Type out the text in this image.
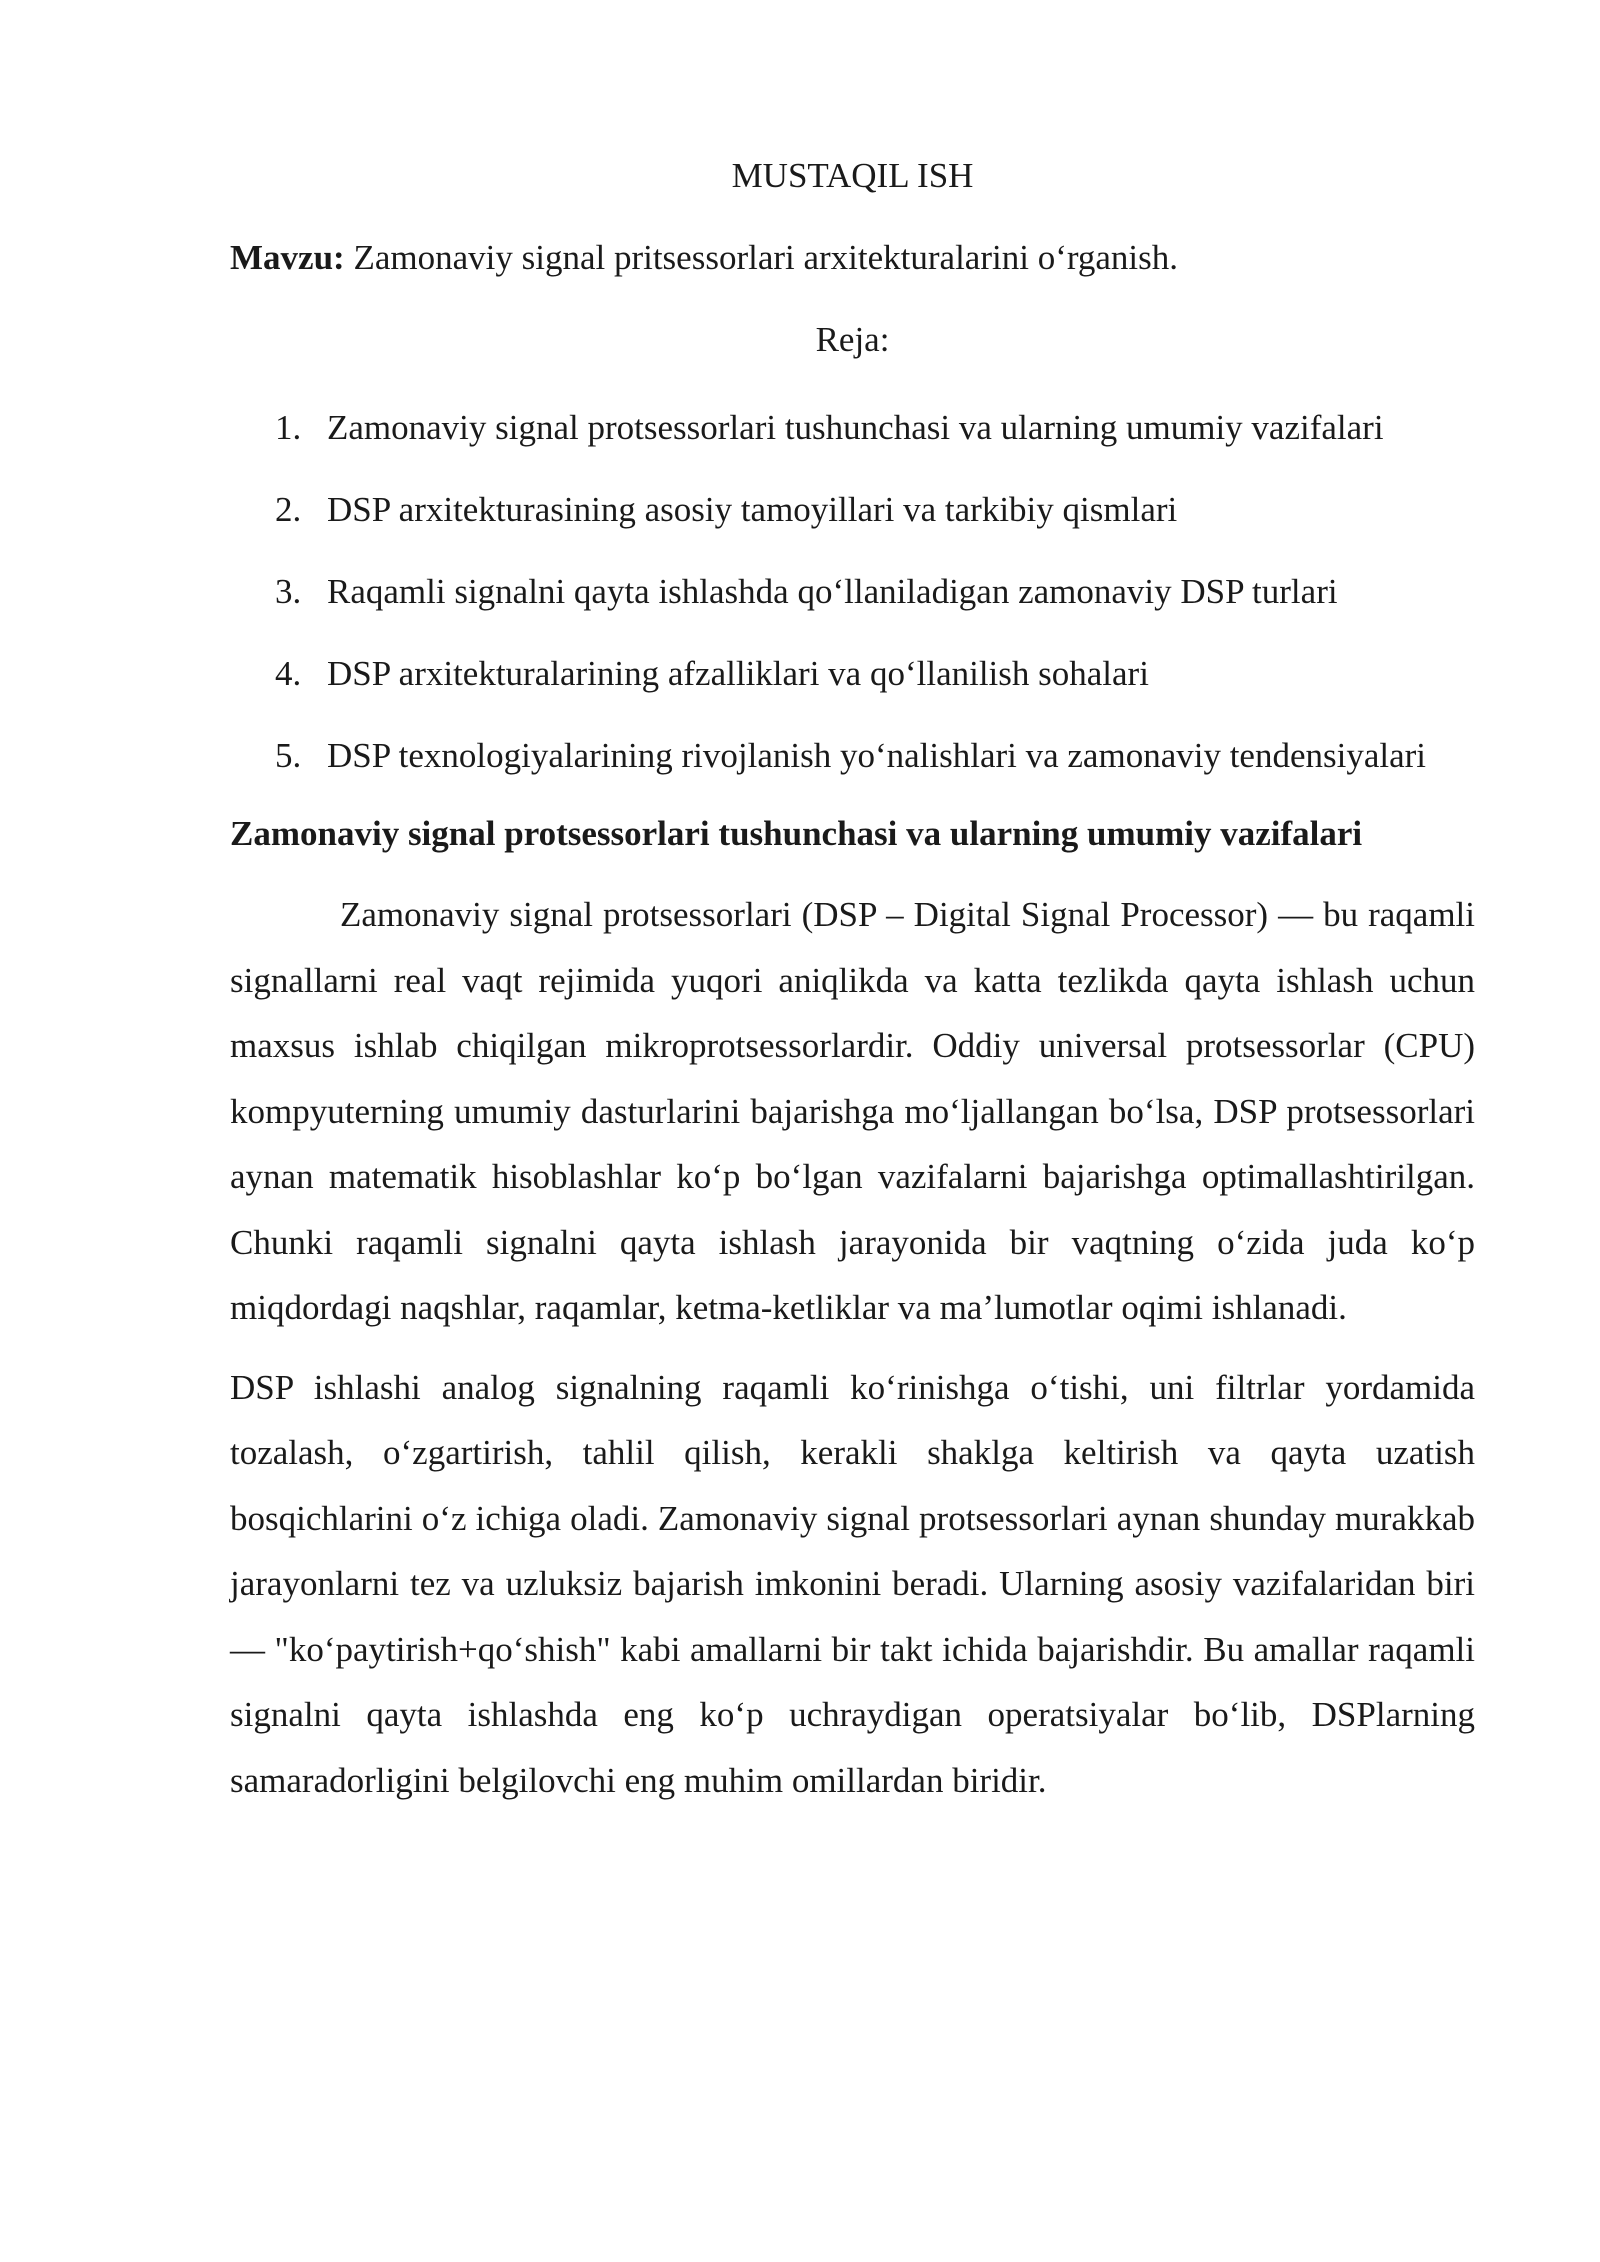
MUSTAQIL ISH

Mavzu: Zamonaviy signal pritsessorlari arxitekturalarini o‘rganish.

Reja:

1. Zamonaviy signal protsessorlari tushunchasi va ularning umumiy vazifalari
2. DSP arxitekturasining asosiy tamoyillari va tarkibiy qismlari
3. Raqamli signalni qayta ishlashda qo‘llaniladigan zamonaviy DSP turlari
4. DSP arxitekturalarining afzalliklari va qo‘llanilish sohalari
5. DSP texnologiyalarining rivojlanish yo‘nalishlari va zamonaviy tendensiyalari
Zamonaviy signal protsessorlari tushunchasi va ularning umumiy vazifalari

Zamonaviy signal protsessorlari (DSP – Digital Signal Processor) — bu raqamli signallarni real vaqt rejimida yuqori aniqlikda va katta tezlikda qayta ishlash uchun maxsus ishlab chiqilgan mikroprotsessorlardir. Oddiy universal protsessorlar (CPU) kompyuterning umumiy dasturlarini bajarishga mo‘ljallangan bo‘lsa, DSP protsessorlari aynan matematik hisoblashlar ko‘p bo‘lgan vazifalarni bajarishga optimallashtirilgan. Chunki raqamli signalni qayta ishlash jarayonida bir vaqtning o‘zida juda ko‘p miqdordagi naqshlar, raqamlar, ketma-ketliklar va ma’lumotlar oqimi ishlanadi.

DSP ishlashi analog signalning raqamli ko‘rinishga o‘tishi, uni filtrlar yordamida tozalash, o‘zgartirish, tahlil qilish, kerakli shaklga keltirish va qayta uzatish bosqichlarini o‘z ichiga oladi. Zamonaviy signal protsessorlari aynan shunday murakkab jarayonlarni tez va uzluksiz bajarish imkonini beradi. Ularning asosiy vazifalaridan biri — "ko‘paytirish+qo‘shish" kabi amallarni bir takt ichida bajarishdir. Bu amallar raqamli signalni qayta ishlashda eng ko‘p uchraydigan operatsiyalar bo‘lib, DSPlarning samaradorligini belgilovchi eng muhim omillardan biridir.
